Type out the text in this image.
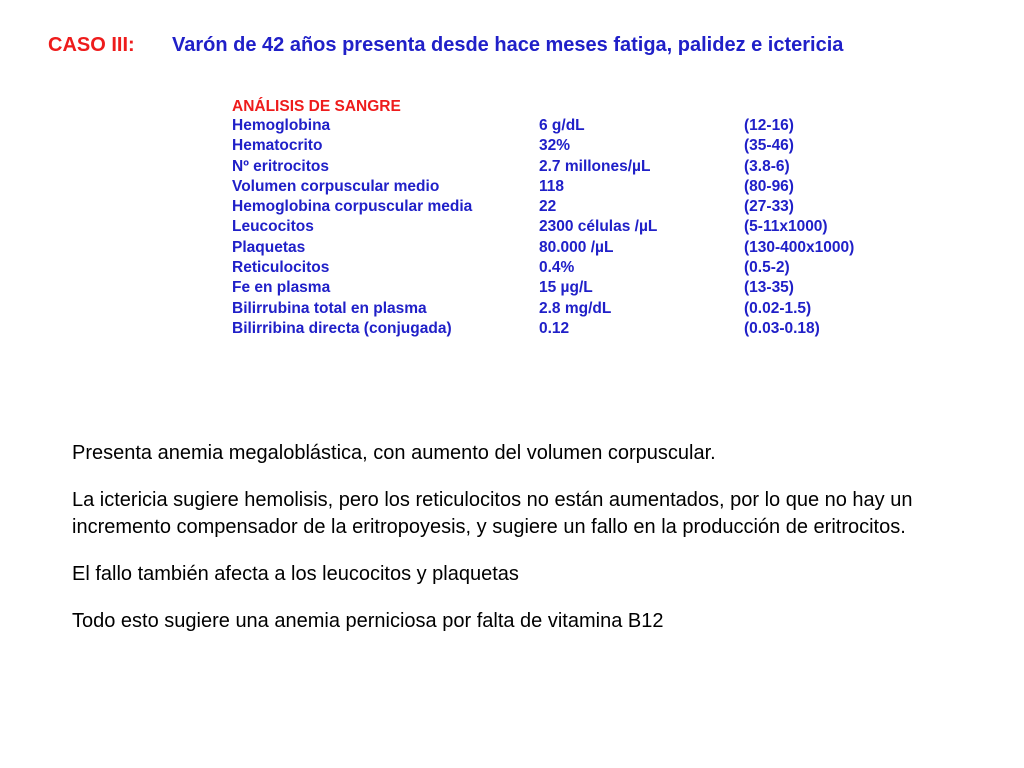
CASO III: Varón de 42 años presenta desde hace meses fatiga, palidez e ictericia
ANÁLISIS DE SANGRE
Hemoglobina	6 g/dL	(12-16)
Hematocrito	32%	(35-46)
Nº eritrocitos	2.7 millones/µL	(3.8-6)
Volumen corpuscular medio	118	(80-96)
Hemoglobina corpuscular media	22	(27-33)
Leucocitos	2300 células /µL	(5-11x1000)
Plaquetas	80.000 /µL	(130-400x1000)
Reticulocitos	0.4%	(0.5-2)
Fe en plasma	15 µg/L	(13-35)
Bilirrubina total en plasma	2.8 mg/dL	(0.02-1.5)
Bilirribina directa (conjugada)	0.12	(0.03-0.18)

Presenta anemia megaloblástica, con aumento del volumen corpuscular.

La ictericia sugiere hemolisis, pero los reticulocitos no están aumentados, por lo que no hay un incremento compensador de la eritropoyesis, y sugiere un fallo en la producción de eritrocitos.

El fallo también afecta a los leucocitos y plaquetas

Todo esto sugiere una anemia perniciosa por falta de vitamina B12
